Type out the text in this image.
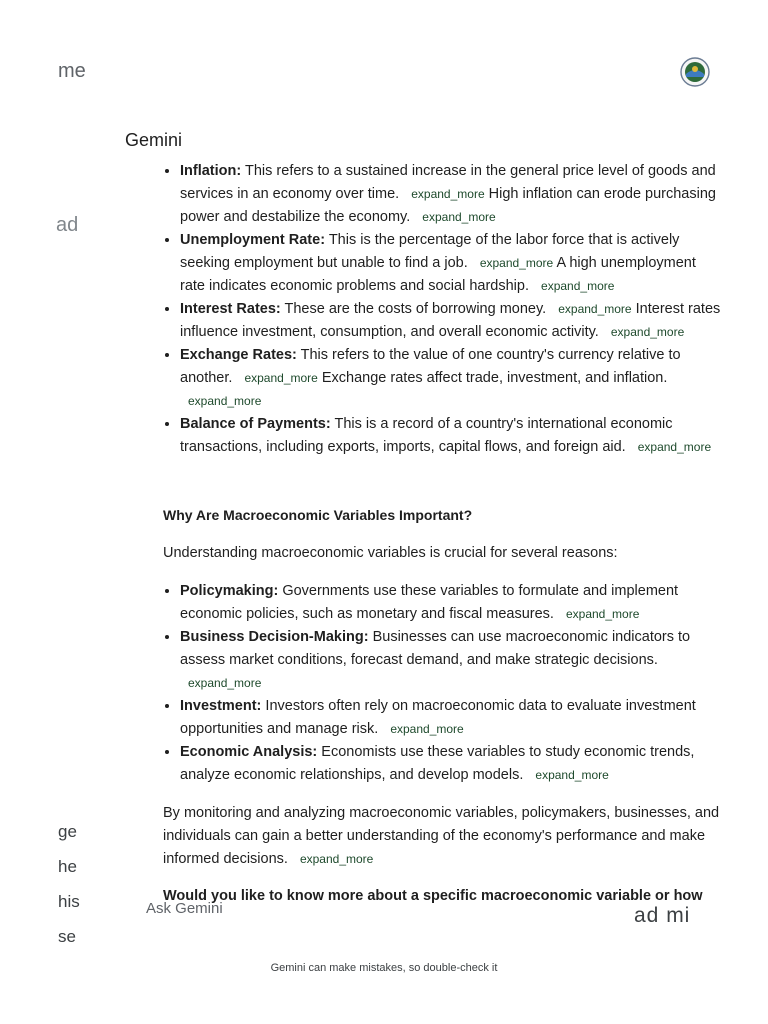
me
ad
ad mi
ge
he
his
se
Gemini
• Inflation: This refers to a sustained increase in the general price level of goods and services in an economy over time. expand_more High inflation can erode purchasing power and destabilize the economy. expand_more
• Unemployment Rate: This is the percentage of the labor force that is actively seeking employment but unable to find a job. expand_more A high unemployment rate indicates economic problems and social hardship. expand_more
• Interest Rates: These are the costs of borrowing money. expand_more Interest rates influence investment, consumption, and overall economic activity. expand_more
• Exchange Rates: This refers to the value of one country's currency relative to another. expand_more Exchange rates affect trade, investment, and inflation. expand_more
• Balance of Payments: This is a record of a country's international economic transactions, including exports, imports, capital flows, and foreign aid. expand_more

Why Are Macroeconomic Variables Important?

Understanding macroeconomic variables is crucial for several reasons:

• Policymaking: Governments use these variables to formulate and implement economic policies, such as monetary and fiscal measures. expand_more
• Business Decision-Making: Businesses can use macroeconomic indicators to assess market conditions, forecast demand, and make strategic decisions. expand_more
• Investment: Investors often rely on macroeconomic data to evaluate investment opportunities and manage risk. expand_more
• Economic Analysis: Economists use these variables to study economic trends, analyze economic relationships, and develop models. expand_more

By monitoring and analyzing macroeconomic variables, policymakers, businesses, and individuals can gain a better understanding of the economy's performance and make informed decisions. expand_more

Would you like to know more about a specific macroeconomic variable or how

Ask Gemini
Gemini can make mistakes, so double-check it
